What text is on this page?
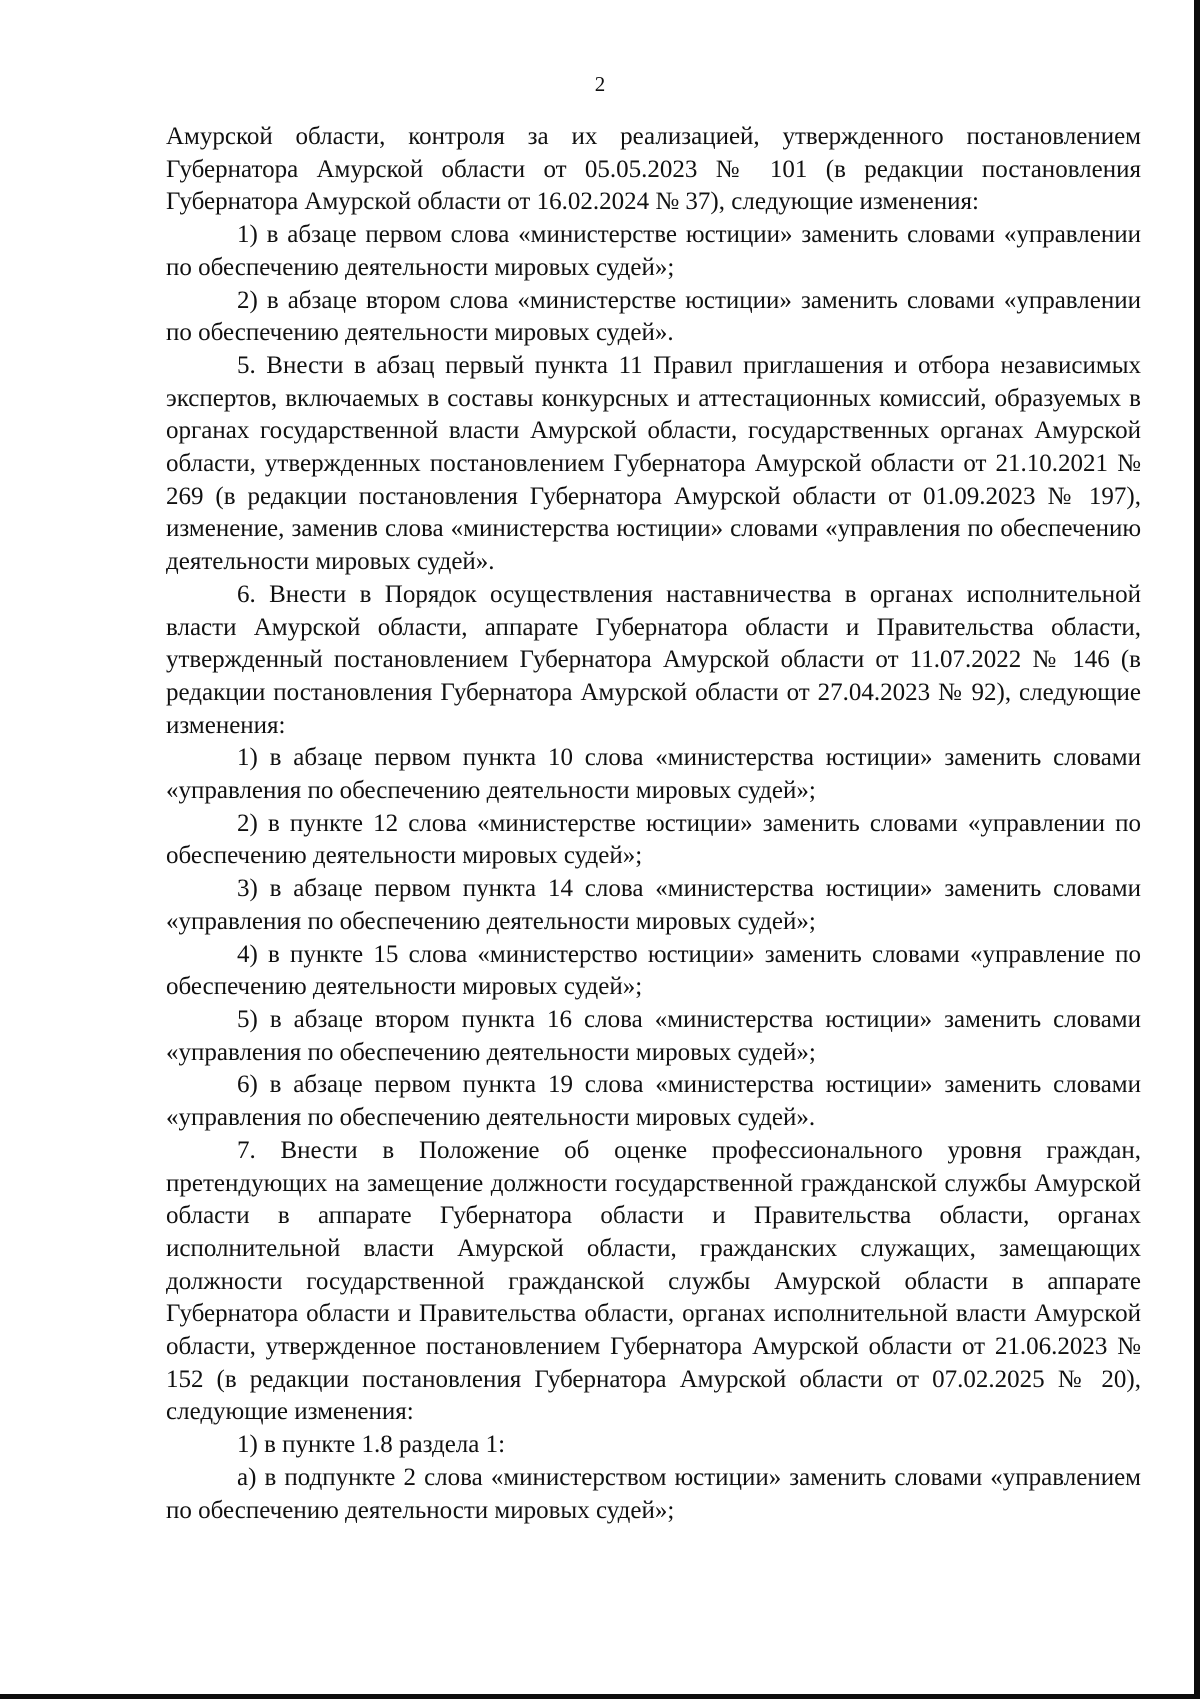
2

Амурской области, контроля за их реализацией, утвержденного постановлением Губернатора Амурской области от 05.05.2023 № 101 (в редакции постановления Губернатора Амурской области от 16.02.2024 № 37), следующие изменения:

1) в абзаце первом слова «министерстве юстиции» заменить словами «управлении по обеспечению деятельности мировых судей»;

2) в абзаце втором слова «министерстве юстиции» заменить словами «управлении по обеспечению деятельности мировых судей».

5. Внести в абзац первый пункта 11 Правил приглашения и отбора независимых экспертов, включаемых в составы конкурсных и аттестационных комиссий, образуемых в органах государственной власти Амурской области, государственных органах Амурской области, утвержденных постановлением Губернатора Амурской области от 21.10.2021 № 269 (в редакции постановления Губернатора Амурской области от 01.09.2023 № 197), изменение, заменив слова «министерства юстиции» словами «управления по обеспечению деятельности мировых судей».

6. Внести в Порядок осуществления наставничества в органах исполнительной власти Амурской области, аппарате Губернатора области и Правительства области, утвержденный постановлением Губернатора Амурской области от 11.07.2022 № 146 (в редакции постановления Губернатора Амурской области от 27.04.2023 № 92), следующие изменения:

1) в абзаце первом пункта 10 слова «министерства юстиции» заменить словами «управления по обеспечению деятельности мировых судей»;

2) в пункте 12 слова «министерстве юстиции» заменить словами «управлении по обеспечению деятельности мировых судей»;

3) в абзаце первом пункта 14 слова «министерства юстиции» заменить словами «управления по обеспечению деятельности мировых судей»;

4) в пункте 15 слова «министерство юстиции» заменить словами «управление по обеспечению деятельности мировых судей»;

5) в абзаце втором пункта 16 слова «министерства юстиции» заменить словами «управления по обеспечению деятельности мировых судей»;

6) в абзаце первом пункта 19 слова «министерства юстиции» заменить словами «управления по обеспечению деятельности мировых судей».

7. Внести в Положение об оценке профессионального уровня граждан, претендующих на замещение должности государственной гражданской службы Амурской области в аппарате Губернатора области и Правительства области, органах исполнительной власти Амурской области, гражданских служащих, замещающих должности государственной гражданской службы Амурской области в аппарате Губернатора области и Правительства области, органах исполнительной власти Амурской области, утвержденное постановлением Губернатора Амурской области от 21.06.2023 № 152 (в редакции постановления Губернатора Амурской области от 07.02.2025 № 20), следующие изменения:

1) в пункте 1.8 раздела 1:

а) в подпункте 2 слова «министерством юстиции» заменить словами «управлением по обеспечению деятельности мировых судей»;
